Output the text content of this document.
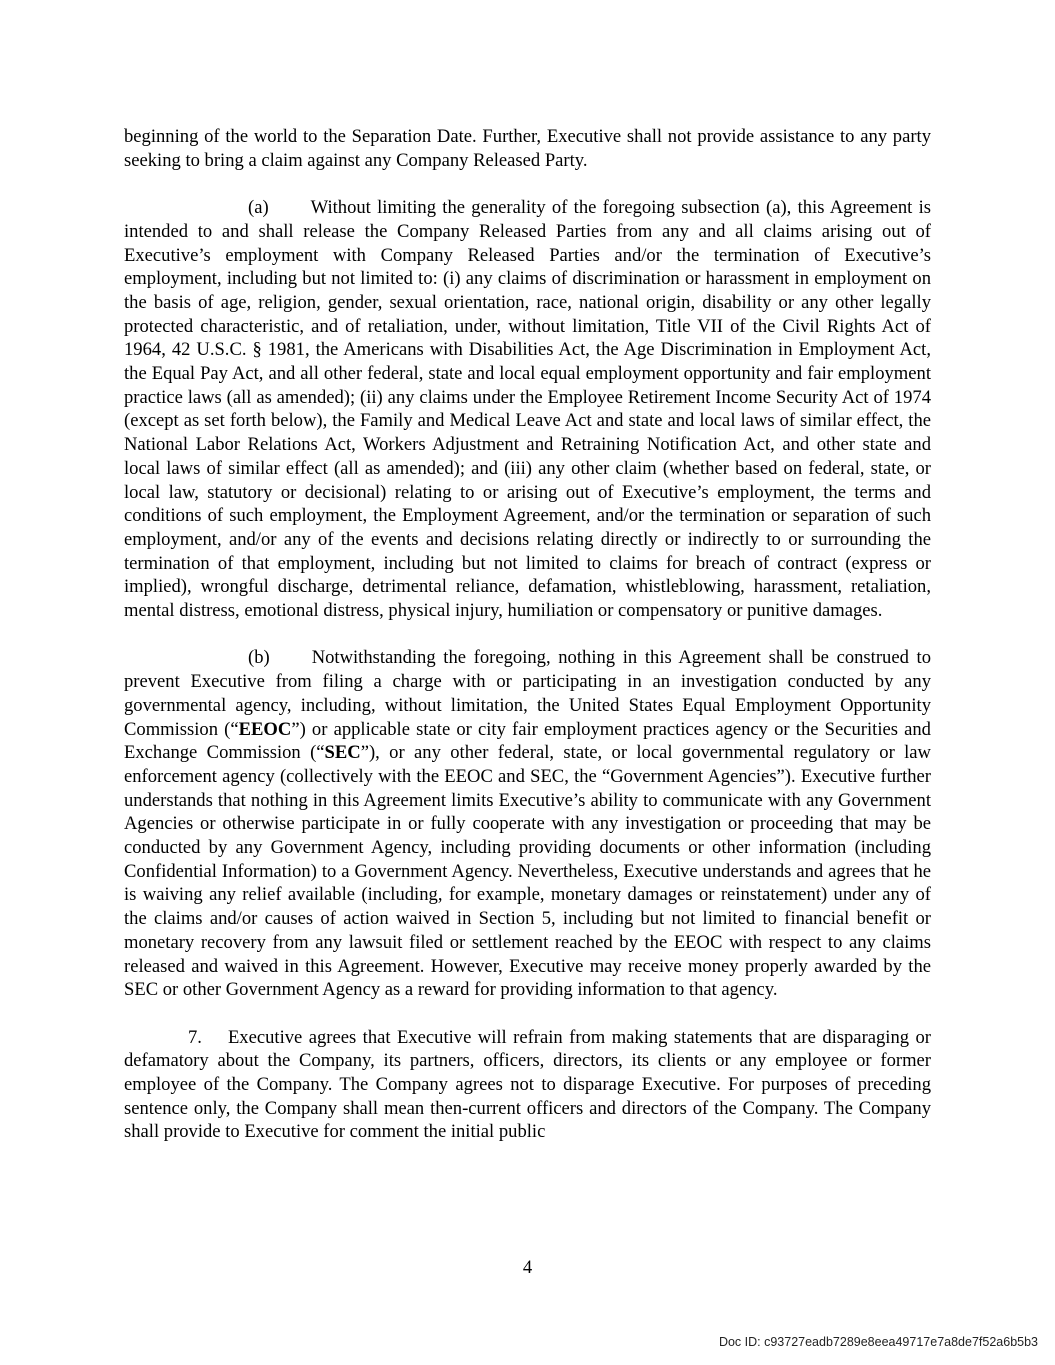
beginning of the world to the Separation Date. Further, Executive shall not provide assistance to any party seeking to bring a claim against any Company Released Party.

(a) Without limiting the generality of the foregoing subsection (a), this Agreement is intended to and shall release the Company Released Parties from any and all claims arising out of Executive’s employment with Company Released Parties and/or the termination of Executive’s employment, including but not limited to: (i) any claims of discrimination or harassment in employment on the basis of age, religion, gender, sexual orientation, race, national origin, disability or any other legally protected characteristic, and of retaliation, under, without limitation, Title VII of the Civil Rights Act of 1964, 42 U.S.C. § 1981, the Americans with Disabilities Act, the Age Discrimination in Employment Act, the Equal Pay Act, and all other federal, state and local equal employment opportunity and fair employment practice laws (all as amended); (ii) any claims under the Employee Retirement Income Security Act of 1974 (except as set forth below), the Family and Medical Leave Act and state and local laws of similar effect, the National Labor Relations Act, Workers Adjustment and Retraining Notification Act, and other state and local laws of similar effect (all as amended); and (iii) any other claim (whether based on federal, state, or local law, statutory or decisional) relating to or arising out of Executive’s employment, the terms and conditions of such employment, the Employment Agreement, and/or the termination or separation of such employment, and/or any of the events and decisions relating directly or indirectly to or surrounding the termination of that employment, including but not limited to claims for breach of contract (express or implied), wrongful discharge, detrimental reliance, defamation, whistleblowing, harassment, retaliation, mental distress, emotional distress, physical injury, humiliation or compensatory or punitive damages.

(b) Notwithstanding the foregoing, nothing in this Agreement shall be construed to prevent Executive from filing a charge with or participating in an investigation conducted by any governmental agency, including, without limitation, the United States Equal Employment Opportunity Commission (“EEOC”) or applicable state or city fair employment practices agency or the Securities and Exchange Commission (“SEC”), or any other federal, state, or local governmental regulatory or law enforcement agency (collectively with the EEOC and SEC, the “Government Agencies”). Executive further understands that nothing in this Agreement limits Executive’s ability to communicate with any Government Agencies or otherwise participate in or fully cooperate with any investigation or proceeding that may be conducted by any Government Agency, including providing documents or other information (including Confidential Information) to a Government Agency. Nevertheless, Executive understands and agrees that he is waiving any relief available (including, for example, monetary damages or reinstatement) under any of the claims and/or causes of action waived in Section 5, including but not limited to financial benefit or monetary recovery from any lawsuit filed or settlement reached by the EEOC with respect to any claims released and waived in this Agreement. However, Executive may receive money properly awarded by the SEC or other Government Agency as a reward for providing information to that agency.

7. Executive agrees that Executive will refrain from making statements that are disparaging or defamatory about the Company, its partners, officers, directors, its clients or any employee or former employee of the Company. The Company agrees not to disparage Executive. For purposes of preceding sentence only, the Company shall mean then-current officers and directors of the Company. The Company shall provide to Executive for comment the initial public

4
Doc ID: c93727eadb7289e8eea49717e7a8de7f52a6b5b3
